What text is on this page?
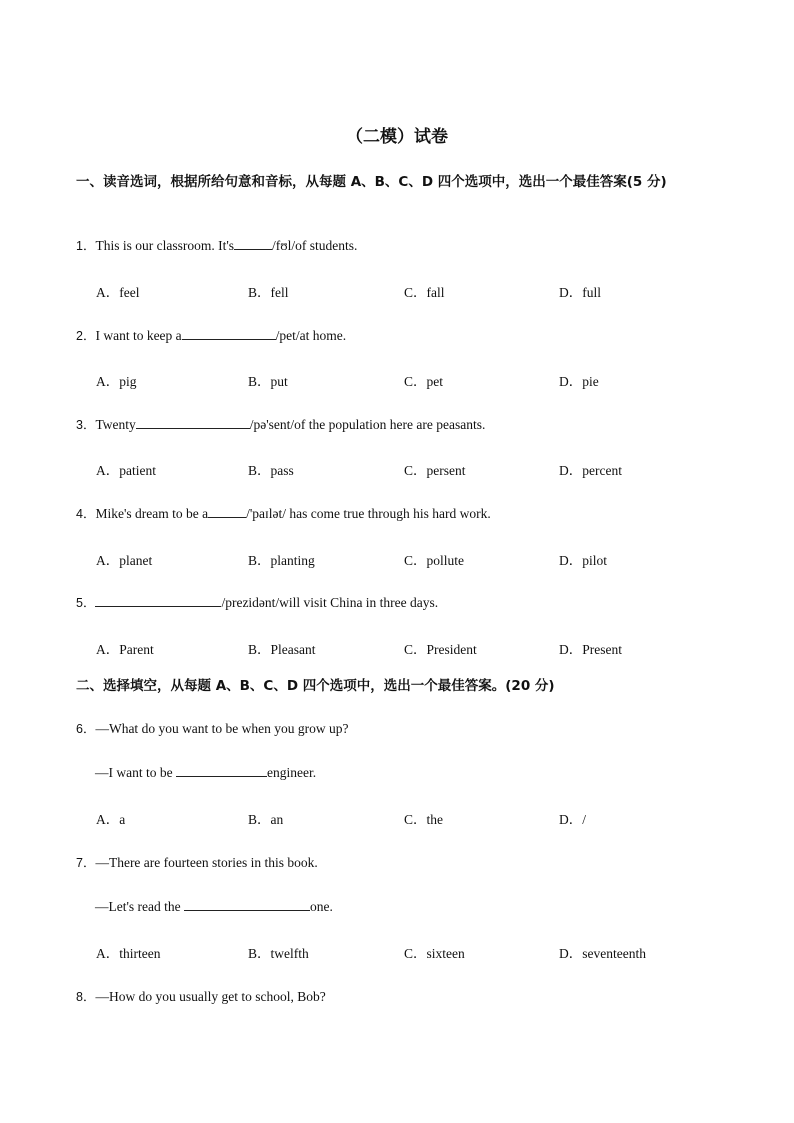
（二模）试卷
一、读音选词，根据所给句意和音标，从每题 A、B、C、D 四个选项中，选出一个最佳答案(5 分)
1．This is our classroom. It's	/fʊl/of students.
A．feel	B．fell	C．fall	D．full
2．I want to keep a	/pet/at home.
A．pig	B．put	C．pet	D．pie
3．Twenty	/pə'sent/of the population here are peasants.
A．patient	B．pass	C．persent	D．percent
4．Mike's dream to be a	/'paɪlət/ has come true through his hard work.
A．planet	B．planting	C．pollute	D．pilot
5．	/prezidənt/will visit China in three days.
A．Parent	B．Pleasant	C．President	D．Present
二、选择填空，从每题 A、B、C、D 四个选项中，选出一个最佳答案。(20 分)
6．—What do you want to be when you grow up?
—I want to be	engineer.
A．a	B．an	C．the	D．/
7．—There are fourteen stories in this book.
—Let's read the	one.
A．thirteen	B．twelfth	C．sixteen	D．seventeenth
8．—How do you usually get to school, Bob?
